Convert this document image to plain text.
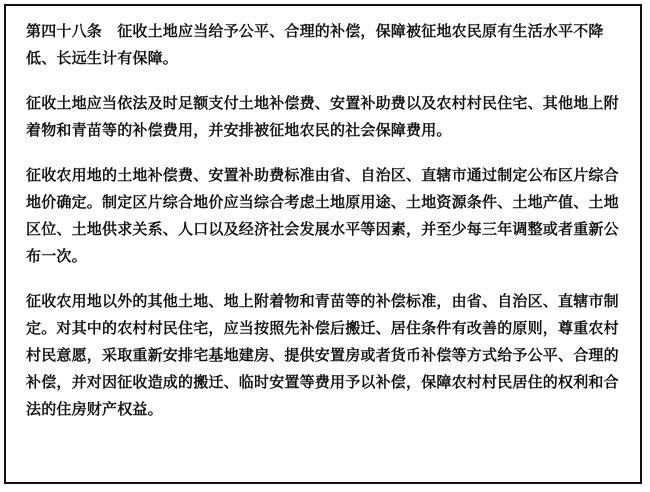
第四十八条　征收土地应当给予公平、合理的补偿，保障被征地农民原有生活水平不降低、长远生计有保障。

征收土地应当依法及时足额支付土地补偿费、安置补助费以及农村村民住宅、其他地上附着物和青苗等的补偿费用，并安排被征地农民的社会保障费用。

征收农用地的土地补偿费、安置补助费标准由省、自治区、直辖市通过制定公布区片综合地价确定。制定区片综合地价应当综合考虑土地原用途、土地资源条件、土地产值、土地区位、土地供求关系、人口以及经济社会发展水平等因素，并至少每三年调整或者重新公布一次。

征收农用地以外的其他土地、地上附着物和青苗等的补偿标准，由省、自治区、直辖市制定。对其中的农村村民住宅，应当按照先补偿后搬迁、居住条件有改善的原则，尊重农村村民意愿，采取重新安排宅基地建房、提供安置房或者货币补偿等方式给予公平、合理的补偿，并对因征收造成的搬迁、临时安置等费用予以补偿，保障农村村民居住的权利和合法的住房财产权益。
